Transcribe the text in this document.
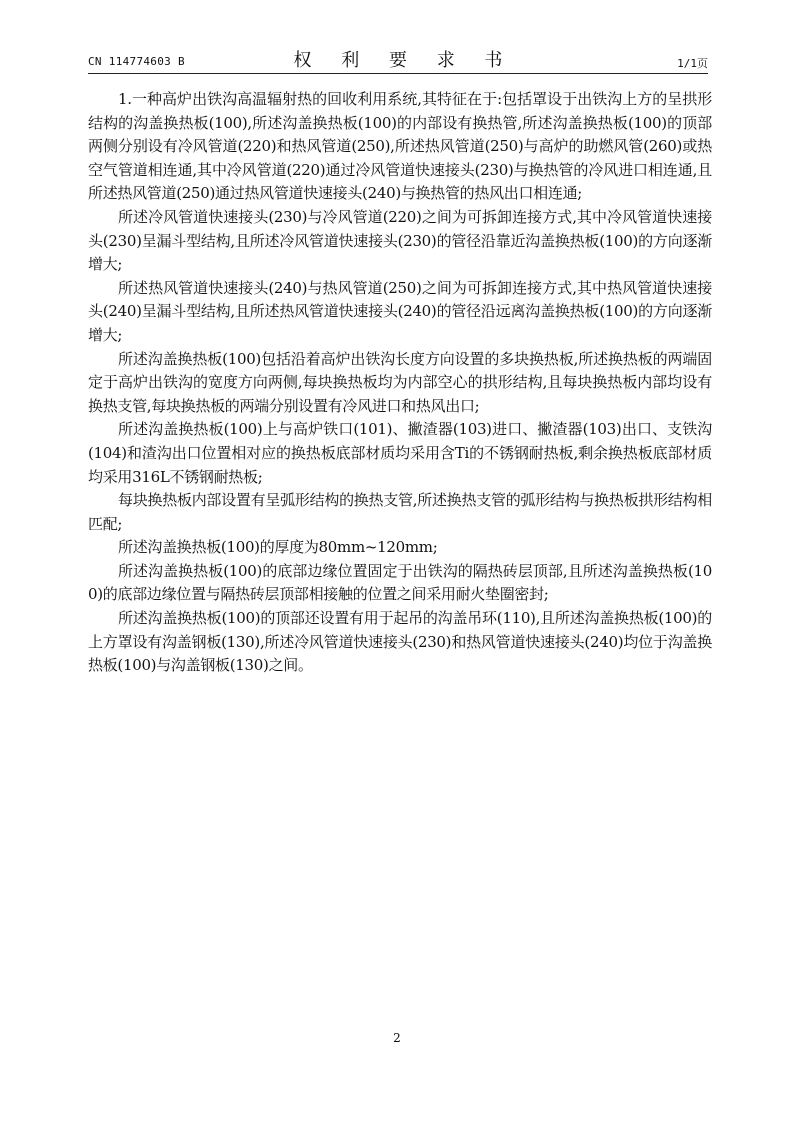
CN 114774603 B	权 利 要 求 书	1/1页

1.一种高炉出铁沟高温辐射热的回收利用系统,其特征在于:包括罩设于出铁沟上方的呈拱形结构的沟盖换热板(100),所述沟盖换热板(100)的内部设有换热管,所述沟盖换热板(100)的顶部两侧分别设有冷风管道(220)和热风管道(250),所述热风管道(250)与高炉的助燃风管(260)或热空气管道相连通,其中冷风管道(220)通过冷风管道快速接头(230)与换热管的冷风进口相连通,且所述热风管道(250)通过热风管道快速接头(240)与换热管的热风出口相连通;

所述冷风管道快速接头(230)与冷风管道(220)之间为可拆卸连接方式,其中冷风管道快速接头(230)呈漏斗型结构,且所述冷风管道快速接头(230)的管径沿靠近沟盖换热板(100)的方向逐渐增大;

所述热风管道快速接头(240)与热风管道(250)之间为可拆卸连接方式,其中热风管道快速接头(240)呈漏斗型结构,且所述热风管道快速接头(240)的管径沿远离沟盖换热板(100)的方向逐渐增大;

所述沟盖换热板(100)包括沿着高炉出铁沟长度方向设置的多块换热板,所述换热板的两端固定于高炉出铁沟的宽度方向两侧,每块换热板均为内部空心的拱形结构,且每块换热板内部均设有换热支管,每块换热板的两端分别设置有冷风进口和热风出口;

所述沟盖换热板(100)上与高炉铁口(101)、撇渣器(103)进口、撇渣器(103)出口、支铁沟(104)和渣沟出口位置相对应的换热板底部材质均采用含Ti的不锈钢耐热板,剩余换热板底部材质均采用316L不锈钢耐热板;

每块换热板内部设置有呈弧形结构的换热支管,所述换热支管的弧形结构与换热板拱形结构相匹配;

所述沟盖换热板(100)的厚度为80mm~120mm;

所述沟盖换热板(100)的底部边缘位置固定于出铁沟的隔热砖层顶部,且所述沟盖换热板(100)的底部边缘位置与隔热砖层顶部相接触的位置之间采用耐火垫圈密封;

所述沟盖换热板(100)的顶部还设置有用于起吊的沟盖吊环(110),且所述沟盖换热板(100)的上方罩设有沟盖钢板(130),所述冷风管道快速接头(230)和热风管道快速接头(240)均位于沟盖换热板(100)与沟盖钢板(130)之间。

2
